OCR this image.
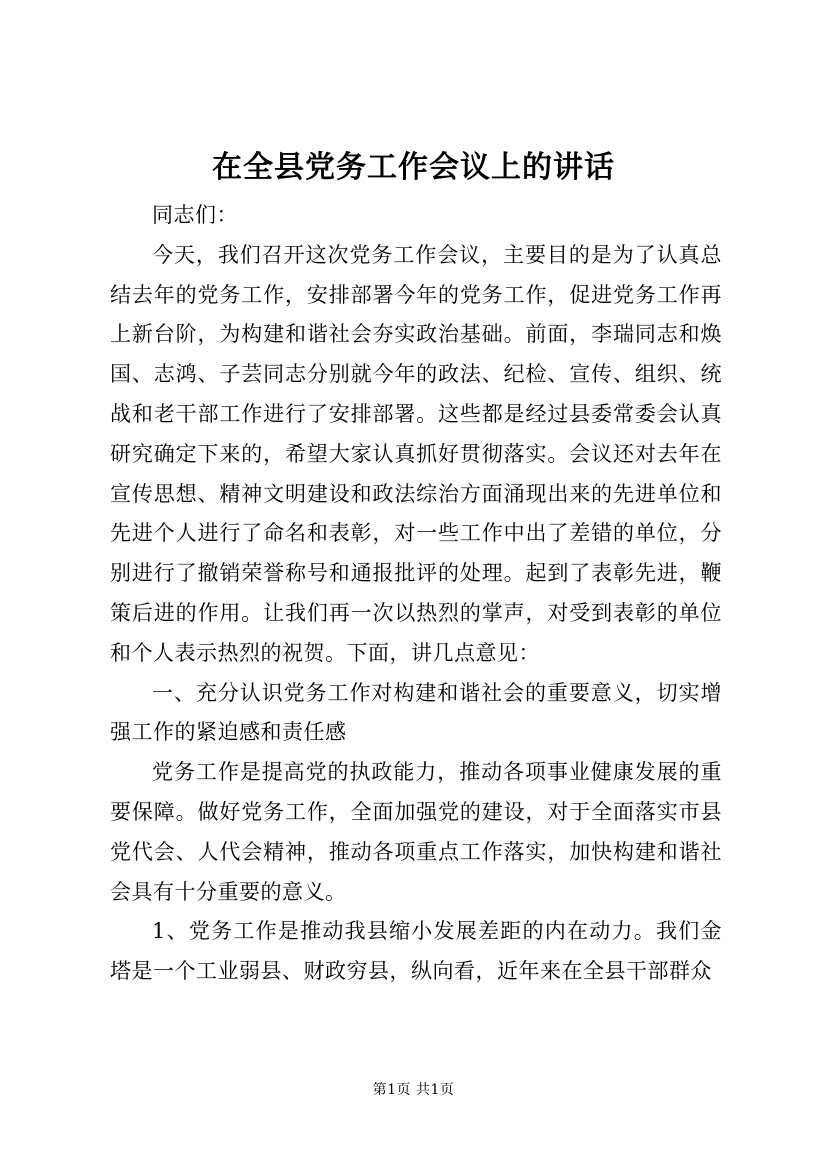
在全县党务工作会议上的讲话

同志们：

今天，我们召开这次党务工作会议，主要目的是为了认真总结去年的党务工作，安排部署今年的党务工作，促进党务工作再上新台阶，为构建和谐社会夯实政治基础。前面，李瑞同志和焕国、志鸿、子芸同志分别就今年的政法、纪检、宣传、组织、统战和老干部工作进行了安排部署。这些都是经过县委常委会认真研究确定下来的，希望大家认真抓好贯彻落实。会议还对去年在宣传思想、精神文明建设和政法综治方面涌现出来的先进单位和先进个人进行了命名和表彰，对一些工作中出了差错的单位，分别进行了撤销荣誉称号和通报批评的处理。起到了表彰先进，鞭策后进的作用。让我们再一次以热烈的掌声，对受到表彰的单位和个人表示热烈的祝贺。下面，讲几点意见：

一、充分认识党务工作对构建和谐社会的重要意义，切实增强工作的紧迫感和责任感

党务工作是提高党的执政能力，推动各项事业健康发展的重要保障。做好党务工作，全面加强党的建设，对于全面落实市县党代会、人代会精神，推动各项重点工作落实，加快构建和谐社会具有十分重要的意义。

1、党务工作是推动我县缩小发展差距的内在动力。我们金塔是一个工业弱县、财政穷县，纵向看，近年来在全县干部群众

第1页 共1页
